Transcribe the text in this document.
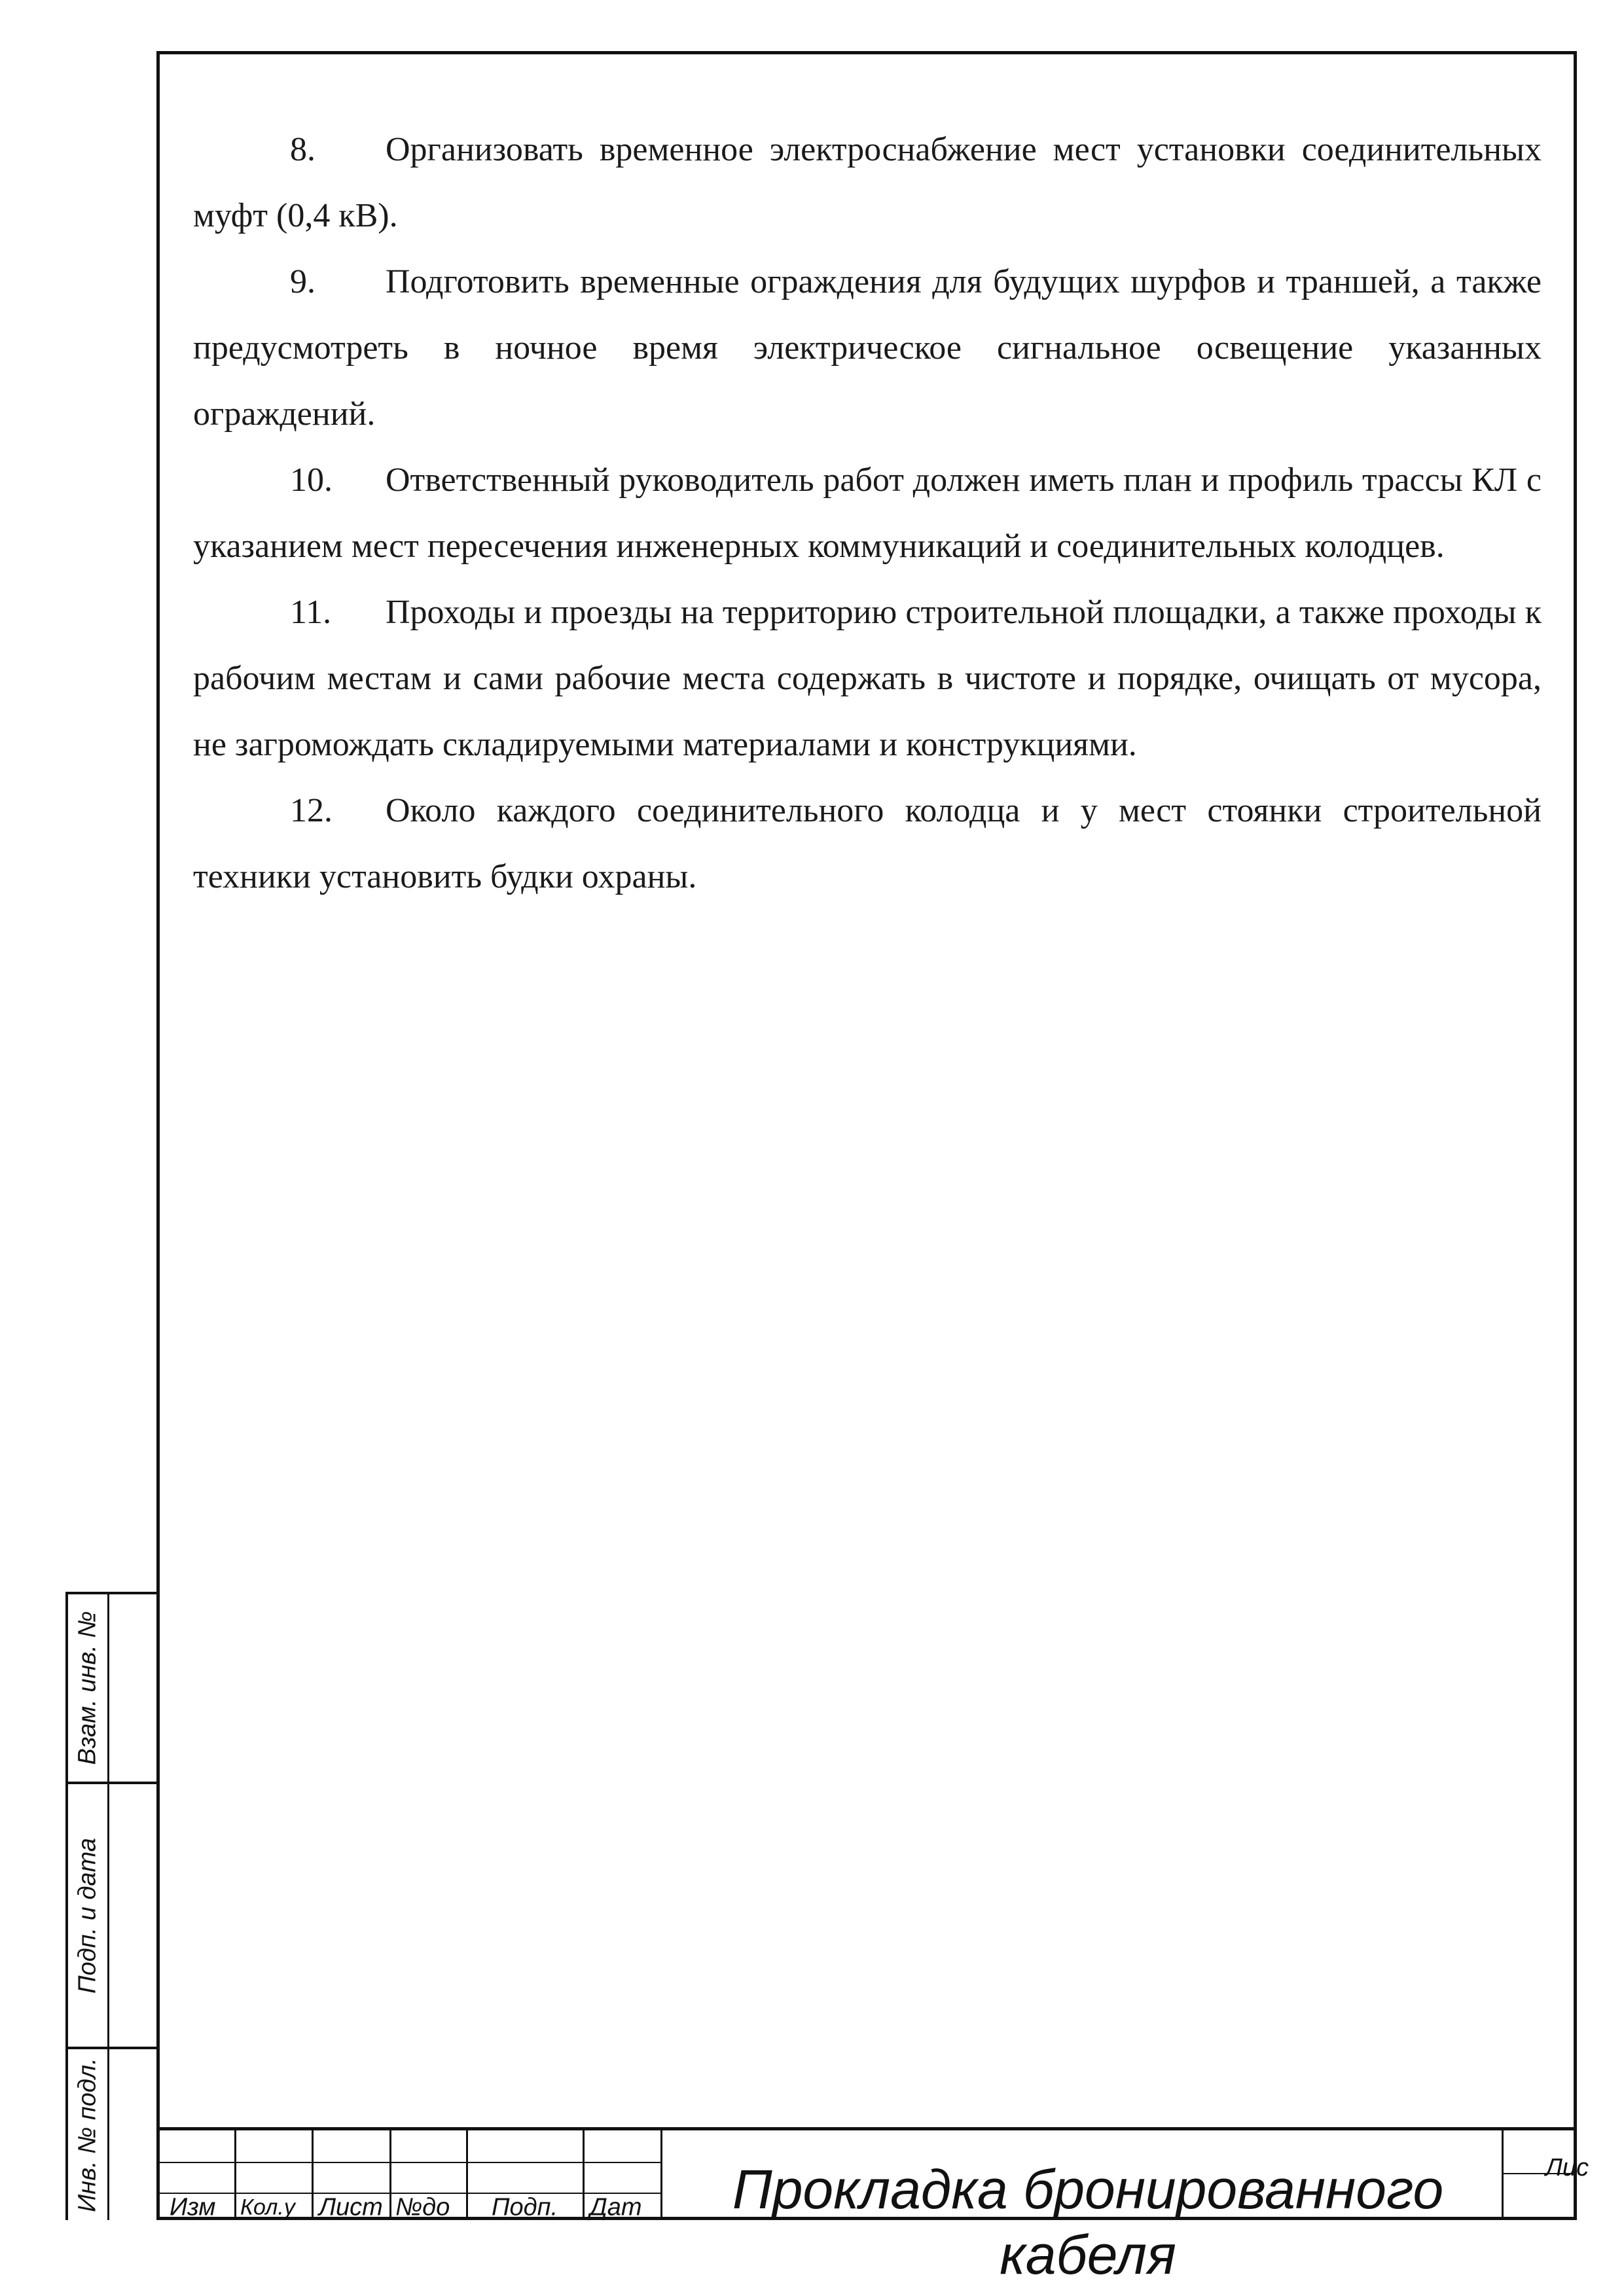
8. Организовать временное электроснабжение мест установки соединительных муфт (0,4 кВ).

9. Подготовить временные ограждения для будущих шурфов и траншей, а также предусмотреть в ночное время электрическое сигнальное освещение указанных ограждений.

10. Ответственный руководитель работ должен иметь план и профиль трассы КЛ с указанием мест пересечения инженерных коммуникаций и соединительных колодцев.

11. Проходы и проезды на территорию строительной площадки, а также проходы к рабочим местам и сами рабочие места содержать в чистоте и порядке, очищать от мусора, не загромождать складируемыми материалами и конструкциями.

12. Около каждого соединительного колодца и у мест стоянки строительной техники установить будки охраны.

Взам. инв. №
Подп. и дата
Инв. № подл.	Изм Кол.у Лист №до Подп. Дат	Прокладка бронированного кабеля
Лис
